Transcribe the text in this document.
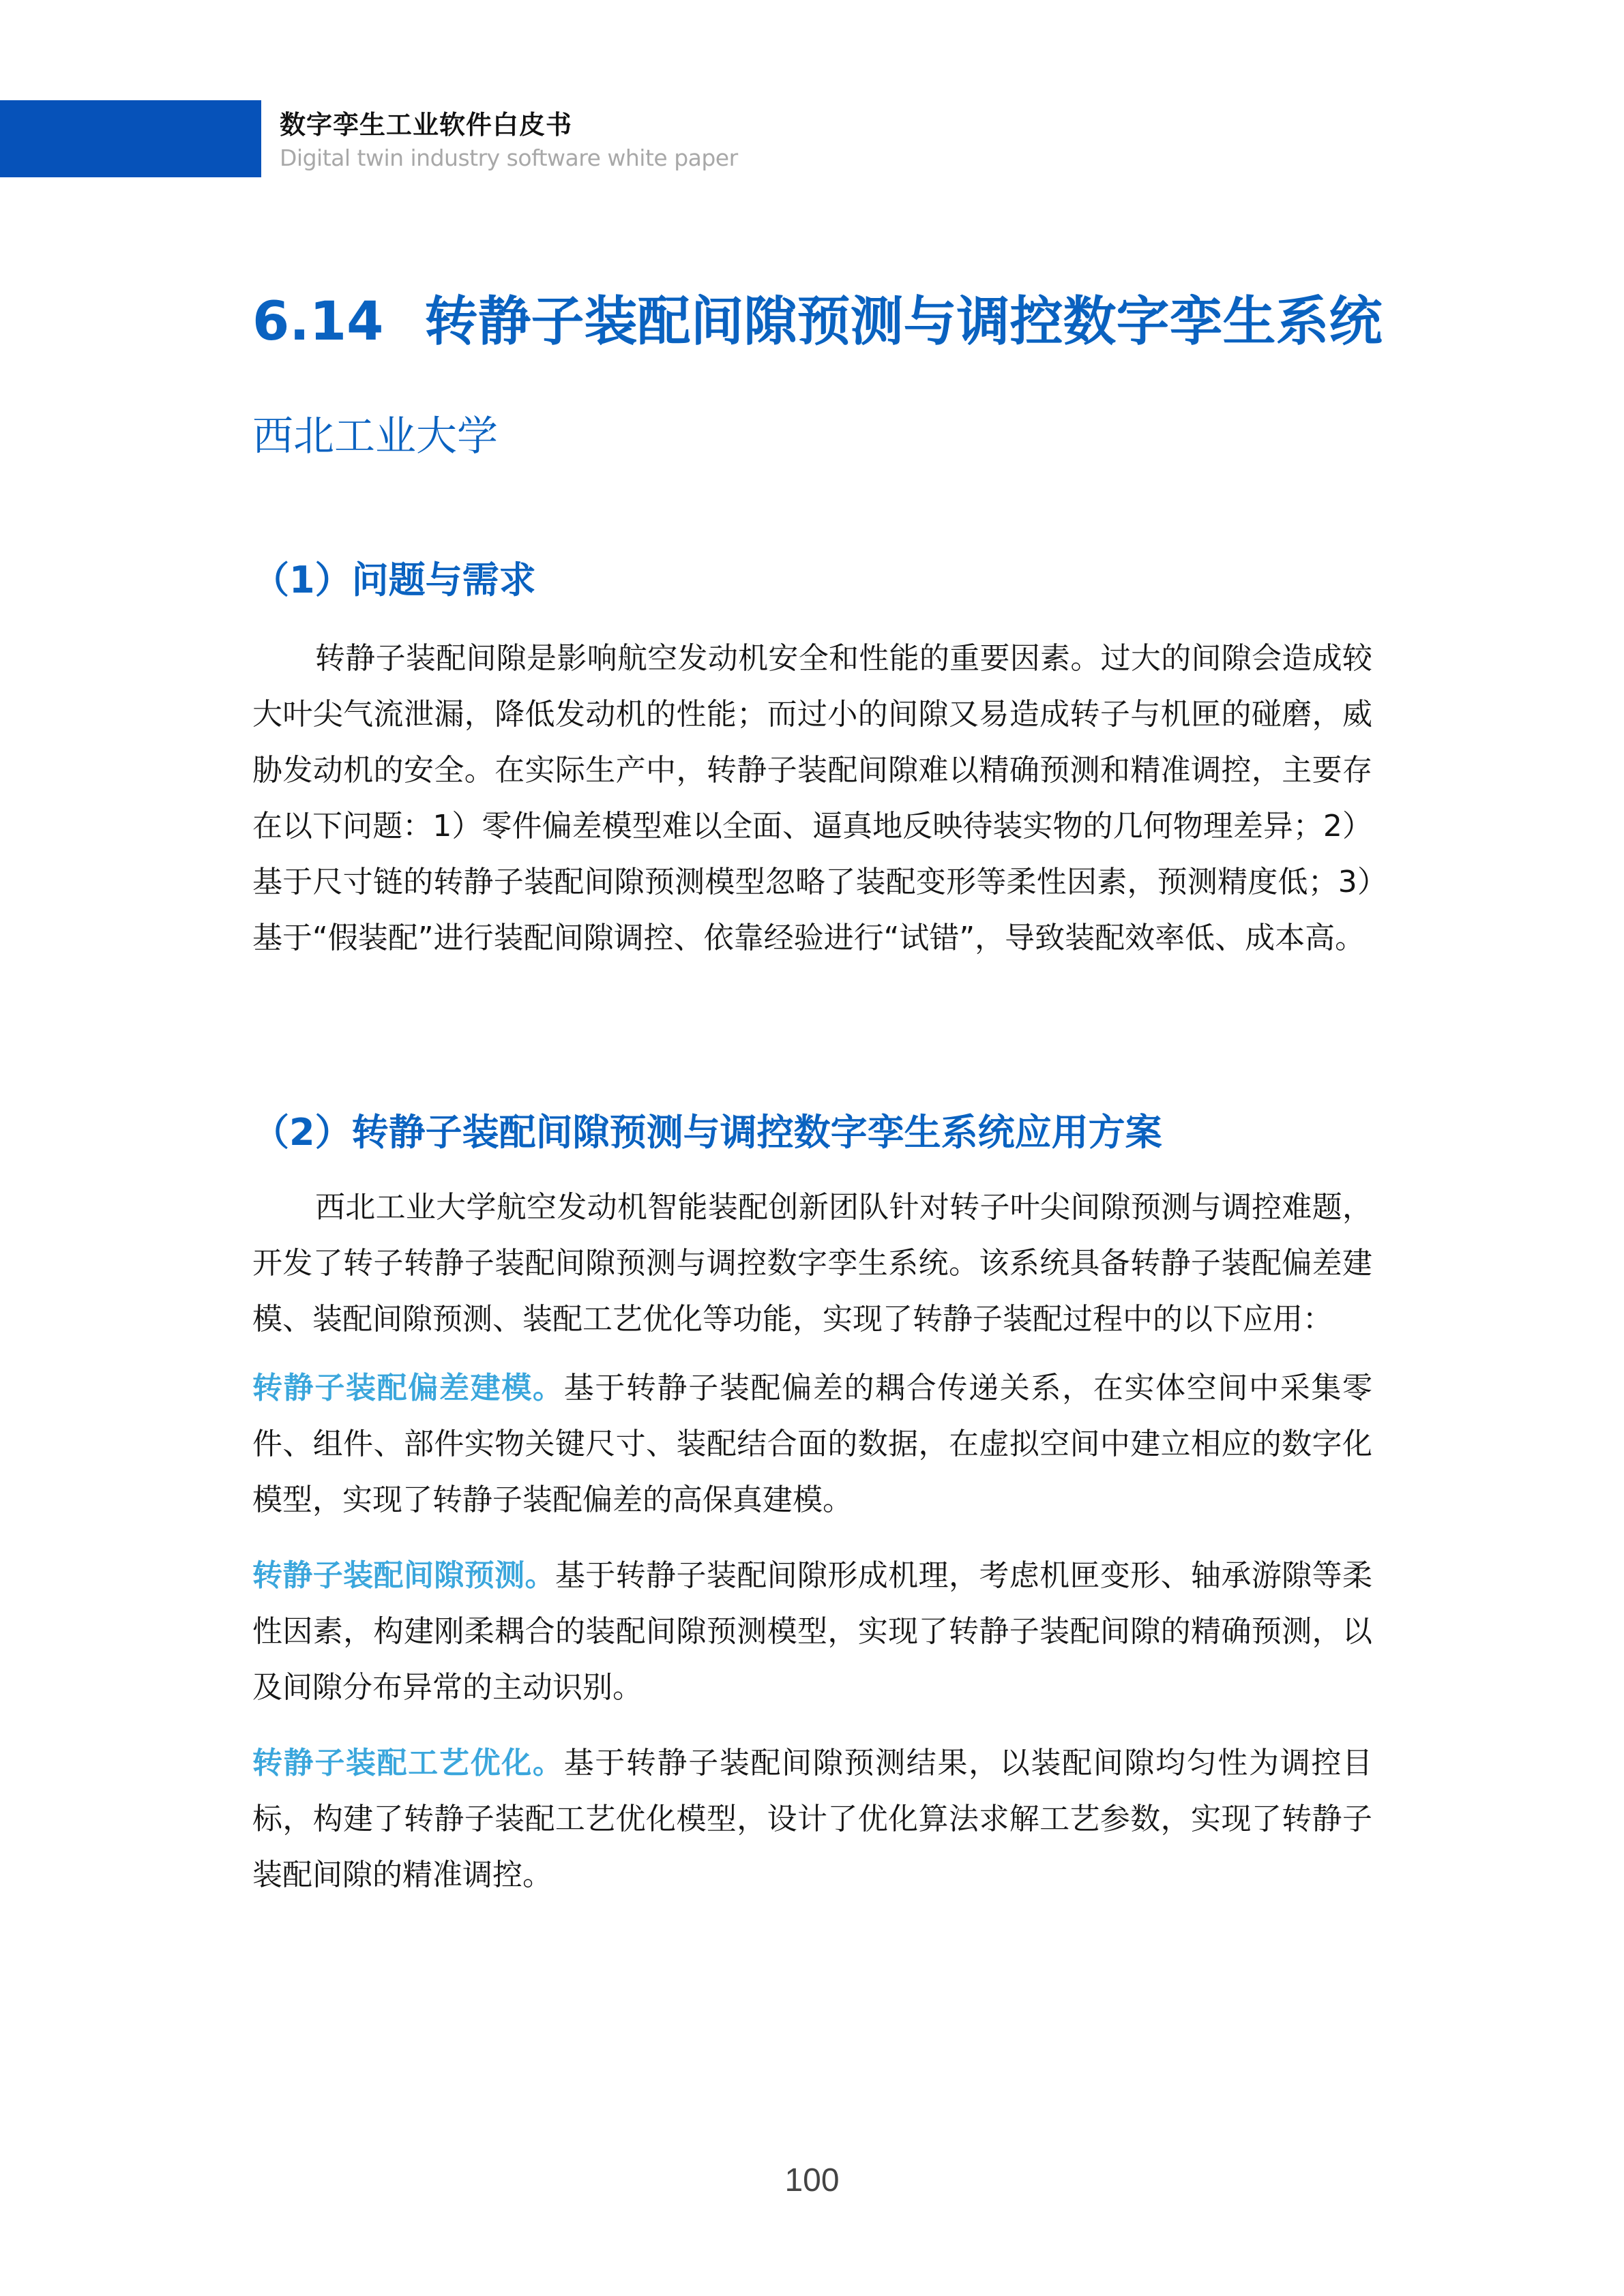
数字孪生工业软件白皮书
Digital twin industry software white paper
6.14 转静子装配间隙预测与调控数字孪生系统
西北工业大学
（1）问题与需求
转静子装配间隙是影响航空发动机安全和性能的重要因素。过大的间隙会造成较大叶尖气流泄漏，降低发动机的性能；而过小的间隙又易造成转子与机匣的碰磨，威胁发动机的安全。在实际生产中，转静子装配间隙难以精确预测和精准调控，主要存在以下问题：1）零件偏差模型难以全面、逼真地反映待装实物的几何物理差异；2）基于尺寸链的转静子装配间隙预测模型忽略了装配变形等柔性因素，预测精度低；3）基于“假装配”进行装配间隙调控、依靠经验进行“试错”，导致装配效率低、成本高。
（2）转静子装配间隙预测与调控数字孪生系统应用方案
西北工业大学航空发动机智能装配创新团队针对转子叶尖间隙预测与调控难题，开发了转子转静子装配间隙预测与调控数字孪生系统。该系统具备转静子装配偏差建模、装配间隙预测、装配工艺优化等功能，实现了转静子装配过程中的以下应用：
转静子装配偏差建模。基于转静子装配偏差的耦合传递关系，在实体空间中采集零件、组件、部件实物关键尺寸、装配结合面的数据，在虚拟空间中建立相应的数字化模型，实现了转静子装配偏差的高保真建模。
转静子装配间隙预测。基于转静子装配间隙形成机理，考虑机匣变形、轴承游隙等柔性因素，构建刚柔耦合的装配间隙预测模型，实现了转静子装配间隙的精确预测，以及间隙分布异常的主动识别。
转静子装配工艺优化。基于转静子装配间隙预测结果，以装配间隙均匀性为调控目标，构建了转静子装配工艺优化模型，设计了优化算法求解工艺参数，实现了转静子装配间隙的精准调控。
100
